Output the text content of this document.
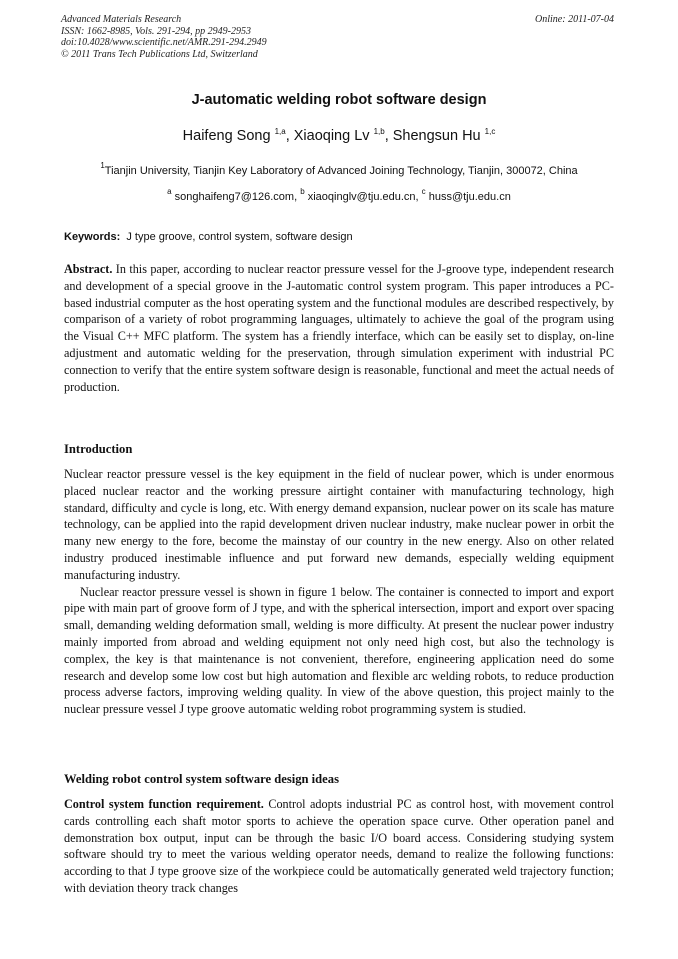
Advanced Materials Research
ISSN: 1662-8985, Vols. 291-294, pp 2949-2953
doi:10.4028/www.scientific.net/AMR.291-294.2949
© 2011 Trans Tech Publications Ltd, Switzerland
Online: 2011-07-04
J-automatic welding robot software design
Haifeng Song $^{1,a}$, Xiaoqing Lv $^{1,b}$, Shengsun Hu $^{1,c}$
$^1$Tianjin University, Tianjin Key Laboratory of Advanced Joining Technology, Tianjin, 300072, China
$^a$ songhaifeng7@126.com, $^b$ xiaoqinglv@tju.edu.cn, $^c$ huss@tju.edu.cn
Keywords: J type groove, control system, software design

Abstract. In this paper, according to nuclear reactor pressure vessel for the J-groove type, independent research and development of a special groove in the J-automatic control system program. This paper introduces a PC-based industrial computer as the host operating system and the functional modules are described respectively, by comparison of a variety of robot programming languages, ultimately to achieve the goal of the program using the Visual C++ MFC platform. The system has a friendly interface, which can be easily set to display, on-line adjustment and automatic welding for the preservation, through simulation experiment with industrial PC connection to verify that the entire system software design is reasonable, functional and meet the actual needs of production.

Introduction

Nuclear reactor pressure vessel is the key equipment in the field of nuclear power, which is under enormous placed nuclear reactor and the working pressure airtight container with manufacturing technology, high standard, difficulty and cycle is long, etc. With energy demand expansion, nuclear power on its scale has mature technology, can be applied into the rapid development driven nuclear industry, make nuclear power in orbit the many new energy to the fore, become the mainstay of our country in the new energy. Also on other related industry produced inestimable influence and put forward new demands, especially welding equipment manufacturing industry.

Nuclear reactor pressure vessel is shown in figure 1 below. The container is connected to import and export pipe with main part of groove form of J type, and with the spherical intersection, import and export over spacing small, demanding welding deformation small, welding is more difficulty. At present the nuclear power industry mainly imported from abroad and welding equipment not only need high cost, but also the technology is complex, the key is that maintenance is not convenient, therefore, engineering application need do some research and develop some low cost but high automation and flexible arc welding robots, to reduce production process adverse factors, improving welding quality. In view of the above question, this project mainly to the nuclear pressure vessel J type groove automatic welding robot programming system is studied.

Welding robot control system software design ideas

Control system function requirement. Control adopts industrial PC as control host, with movement control cards controlling each shaft motor sports to achieve the operation space curve. Other operation panel and demonstration box output, input can be through the basic I/O board access. Considering studying system software should try to meet the various welding operator needs, demand to realize the following functions: according to that J type groove size of the workpiece could be automatically generated weld trajectory function; with deviation theory track changes
